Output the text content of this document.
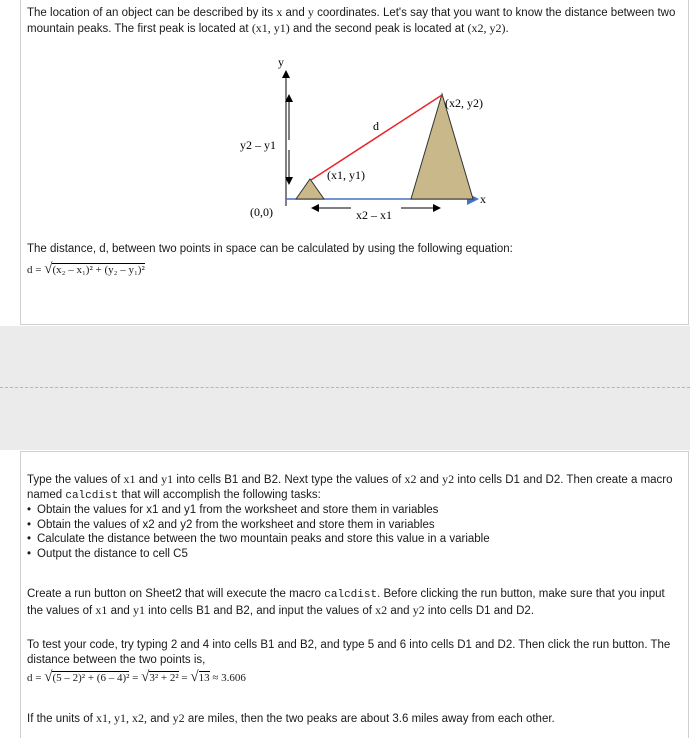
The location of an object can be described by its x and y coordinates. Let's say that you want to know the distance between two mountain peaks. The first peak is located at (x1, y1) and the second peak is located at (x2, y2).
y
x
(0,0)
d
(x1, y1)
(x2, y2)
y2 – y1
x2 – x1
The distance, d, between two points in space can be calculated by using the following equation:
d = √(x₂ – x₁)² + (y₂ – y₁)²
Type the values of x1 and y1 into cells B1 and B2. Next type the values of x2 and y2 into cells D1 and D2. Then create a macro named calcdist that will accomplish the following tasks:
• Obtain the values for x1 and y1 from the worksheet and store them in variables
• Obtain the values of x2 and y2 from the worksheet and store them in variables
• Calculate the distance between the two mountain peaks and store this value in a variable
• Output the distance to cell C5
Create a run button on Sheet2 that will execute the macro calcdist. Before clicking the run button, make sure that you input the values of x1 and y1 into cells B1 and B2, and input the values of x2 and y2 into cells D1 and D2.
To test your code, try typing 2 and 4 into cells B1 and B2, and type 5 and 6 into cells D1 and D2. Then click the run button. The distance between the two points is,
d = √(5 – 2)² + (6 – 4)² = √3² + 2² = √13 ≈ 3.606
If the units of x1, y1, x2, and y2 are miles, then the two peaks are about 3.6 miles away from each other.
